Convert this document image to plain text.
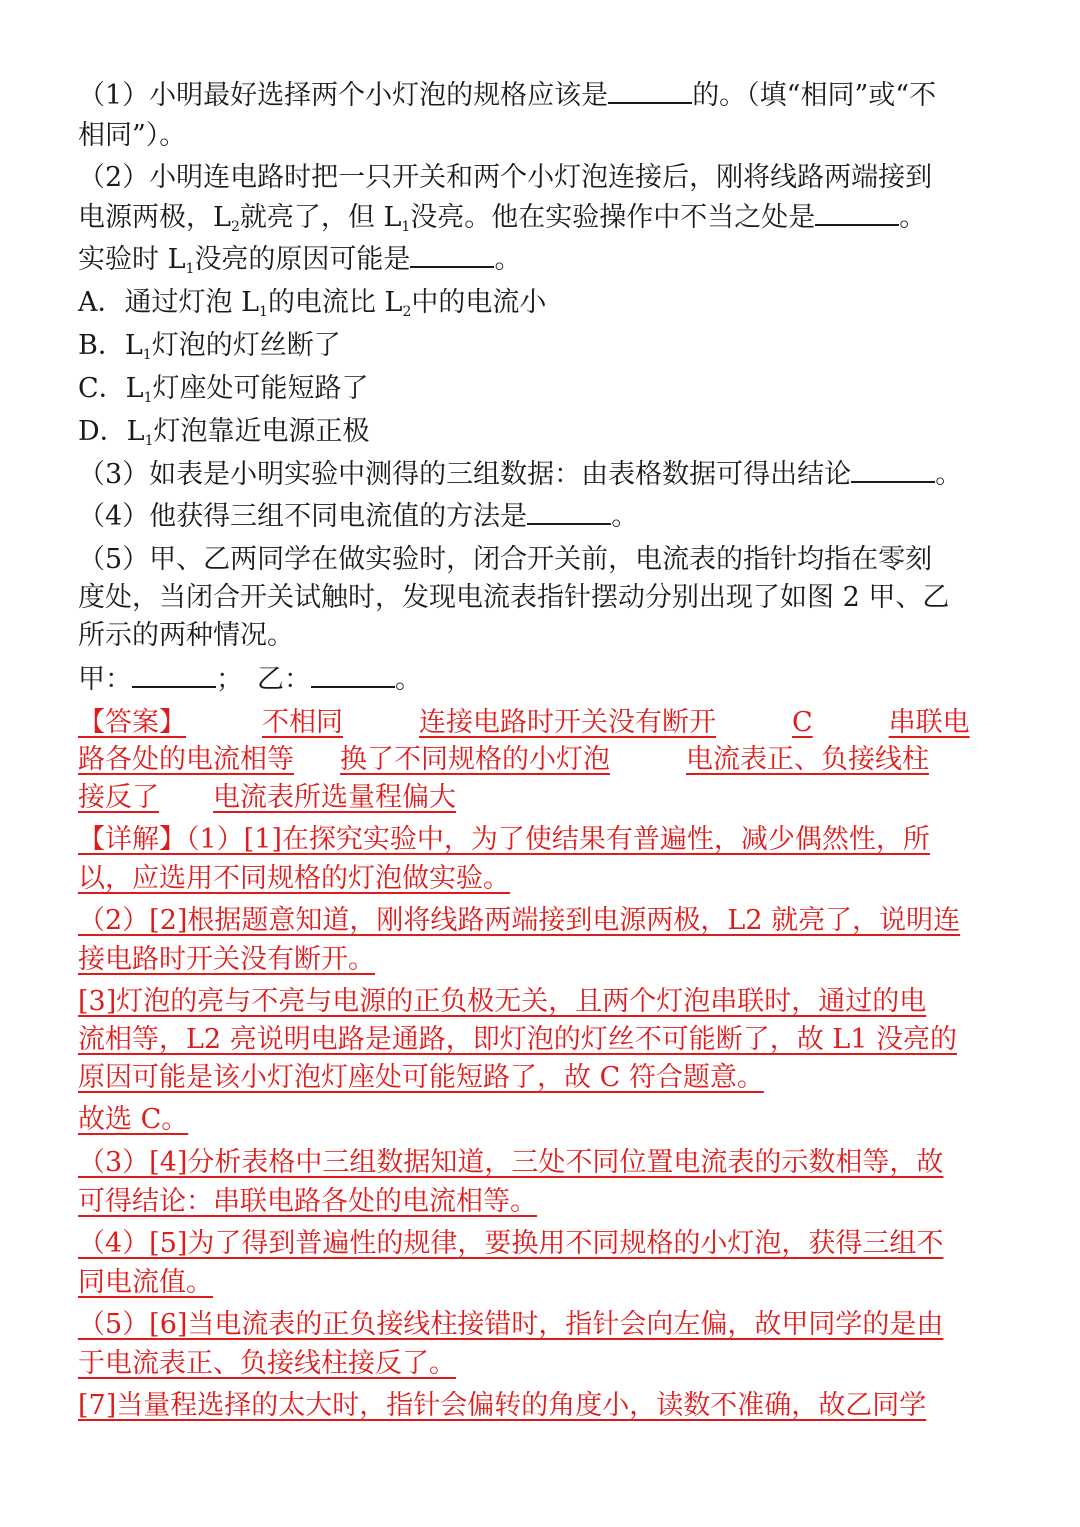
（1）小明最好选择两个小灯泡的规格应该是	的。（填“相同”或“不
相同”）。
（2）小明连电路时把一只开关和两个小灯泡连接后，刚将线路两端接到
电源两极，$L_2$就亮了，但 $L_1$没亮。他在实验操作中不当之处是	。
实验时 $L_1$没亮的原因可能是	。
A．通过灯泡 $L_1$的电流比 $L_2$中的电流小
B．$L_1$灯泡的灯丝断了
C．$L_1$灯座处可能短路了
D．$L_1$灯泡靠近电源正极
（3）如表是小明实验中测得的三组数据：由表格数据可得出结论	。
（4）他获得三组不同电流值的方法是	。
（5）甲、乙两同学在做实验时，闭合开关前，电流表的指针均指在零刻
度处，当闭合开关试触时，发现电流表指针摆动分别出现了如图 2 甲、乙
所示的两种情况。
甲：	； 乙：	。
【答案】	不相同	连接电路时开关没有断开	C	串联电
路各处的电流相等 换了不同规格的小灯泡	电流表正、负接线柱
接反了 电流表所选量程偏大
【详解】（1）[1]在探究实验中，为了使结果有普遍性，减少偶然性，所
以，应选用不同规格的灯泡做实验。
（2）[2]根据题意知道，刚将线路两端接到电源两极，L2 就亮了，说明连
接电路时开关没有断开。
[3]灯泡的亮与不亮与电源的正负极无关，且两个灯泡串联时，通过的电
流相等，L2 亮说明电路是通路，即灯泡的灯丝不可能断了，故 L1 没亮的
原因可能是该小灯泡灯座处可能短路了，故 C 符合题意。
故选 C。
（3）[4]分析表格中三组数据知道，三处不同位置电流表的示数相等，故
可得结论：串联电路各处的电流相等。
（4）[5]为了得到普遍性的规律，要换用不同规格的小灯泡，获得三组不
同电流值。
（5）[6]当电流表的正负接线柱接错时，指针会向左偏，故甲同学的是由
于电流表正、负接线柱接反了。
[7]当量程选择的太大时，指针会偏转的角度小，读数不准确，故乙同学
